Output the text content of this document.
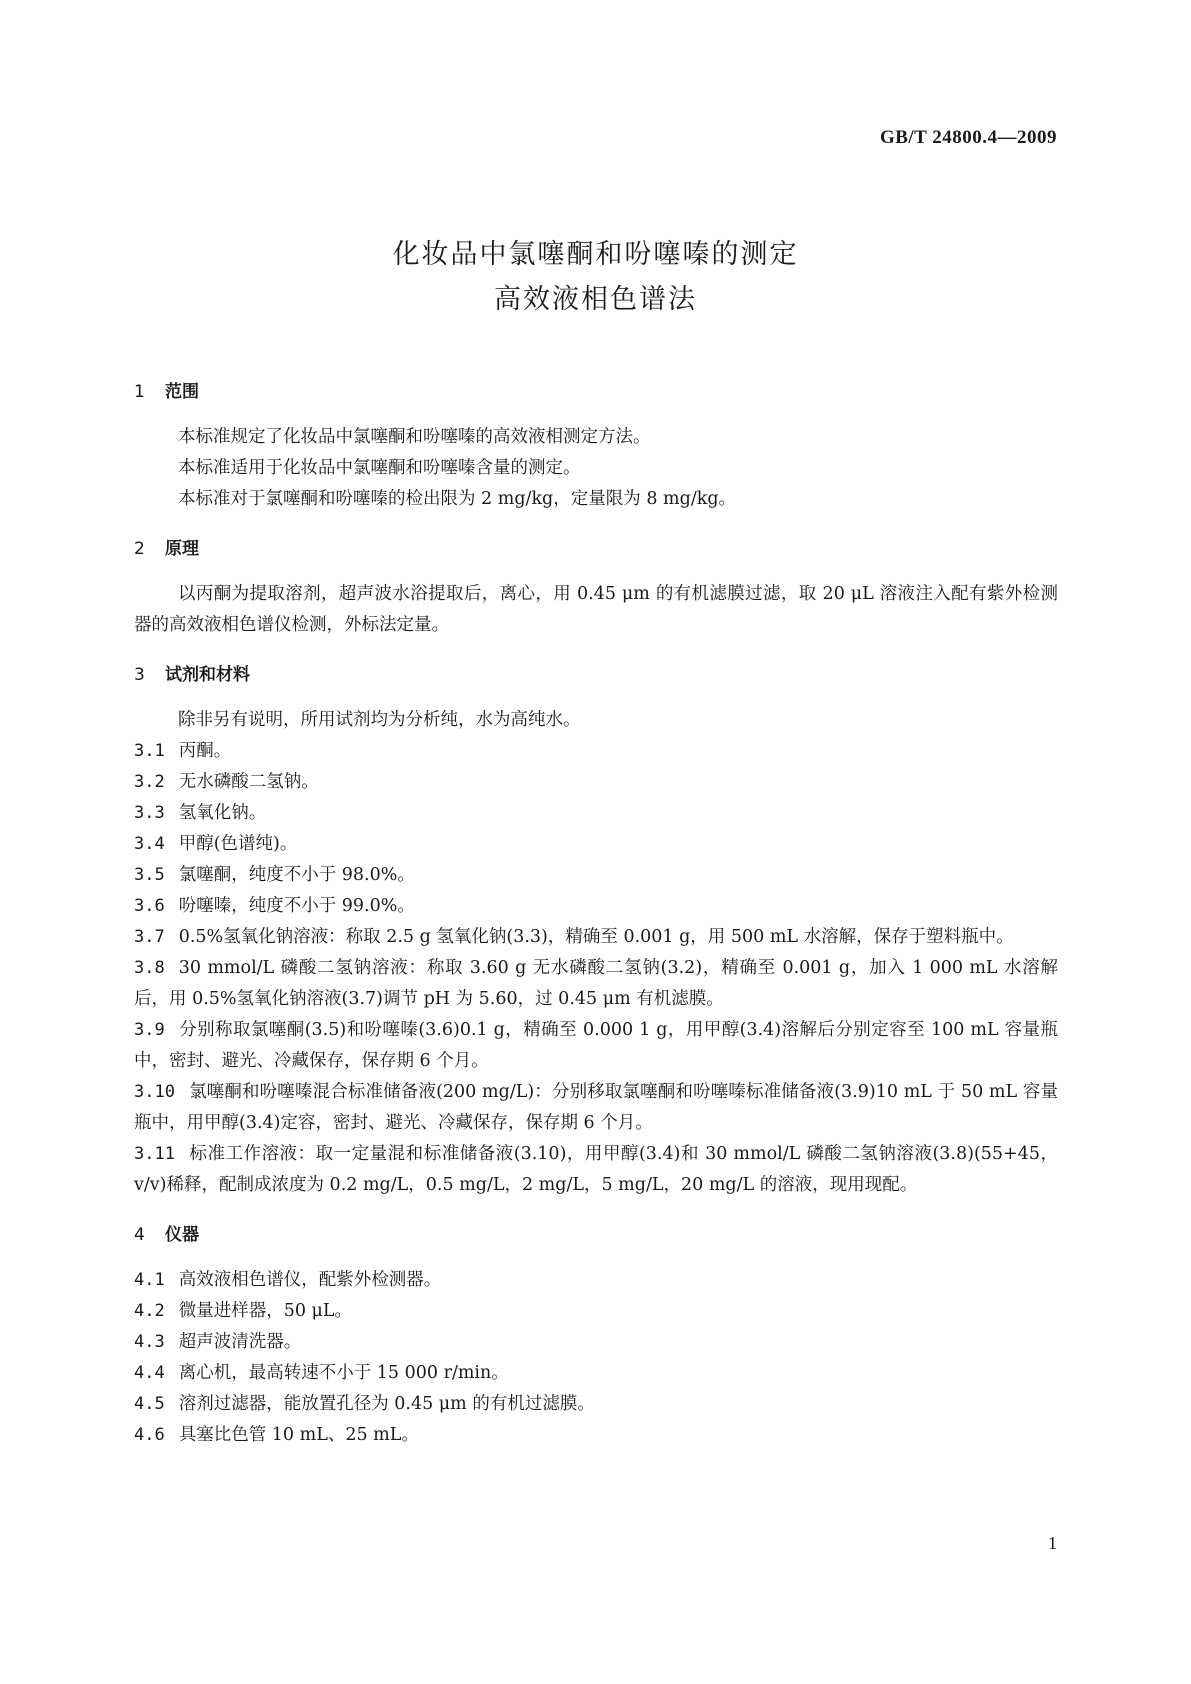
GB/T 24800.4—2009
化妆品中氯噻酮和吩噻嗪的测定
高效液相色谱法
1 范围
本标准规定了化妆品中氯噻酮和吩噻嗪的高效液相测定方法。
本标准适用于化妆品中氯噻酮和吩噻嗪含量的测定。
本标准对于氯噻酮和吩噻嗪的检出限为 2 mg/kg，定量限为 8 mg/kg。
2 原理
以丙酮为提取溶剂，超声波水浴提取后，离心，用 0.45 μm 的有机滤膜过滤，取 20 μL 溶液注入配有紫外检测器的高效液相色谱仪检测，外标法定量。
3 试剂和材料
除非另有说明，所用试剂均为分析纯，水为高纯水。
3.1 丙酮。
3.2 无水磷酸二氢钠。
3.3 氢氧化钠。
3.4 甲醇(色谱纯)。
3.5 氯噻酮，纯度不小于 98.0%。
3.6 吩噻嗪，纯度不小于 99.0%。
3.7 0.5%氢氧化钠溶液：称取 2.5 g 氢氧化钠(3.3)，精确至 0.001 g，用 500 mL 水溶解，保存于塑料瓶中。
3.8 30 mmol/L 磷酸二氢钠溶液：称取 3.60 g 无水磷酸二氢钠(3.2)，精确至 0.001 g，加入 1 000 mL 水溶解后，用 0.5%氢氧化钠溶液(3.7)调节 pH 为 5.60，过 0.45 μm 有机滤膜。
3.9 分别称取氯噻酮(3.5)和吩噻嗪(3.6)0.1 g，精确至 0.000 1 g，用甲醇(3.4)溶解后分别定容至 100 mL 容量瓶中，密封、避光、冷藏保存，保存期 6 个月。
3.10 氯噻酮和吩噻嗪混合标准储备液(200 mg/L)：分别移取氯噻酮和吩噻嗪标准储备液(3.9)10 mL 于 50 mL 容量瓶中，用甲醇(3.4)定容，密封、避光、冷藏保存，保存期 6 个月。
3.11 标准工作溶液：取一定量混和标准储备液(3.10)，用甲醇(3.4)和 30 mmol/L 磷酸二氢钠溶液(3.8)(55+45，v/v)稀释，配制成浓度为 0.2 mg/L，0.5 mg/L，2 mg/L，5 mg/L，20 mg/L 的溶液，现用现配。
4 仪器
4.1 高效液相色谱仪，配紫外检测器。
4.2 微量进样器，50 μL。
4.3 超声波清洗器。
4.4 离心机，最高转速不小于 15 000 r/min。
4.5 溶剂过滤器，能放置孔径为 0.45 μm 的有机过滤膜。
4.6 具塞比色管 10 mL、25 mL。
1
